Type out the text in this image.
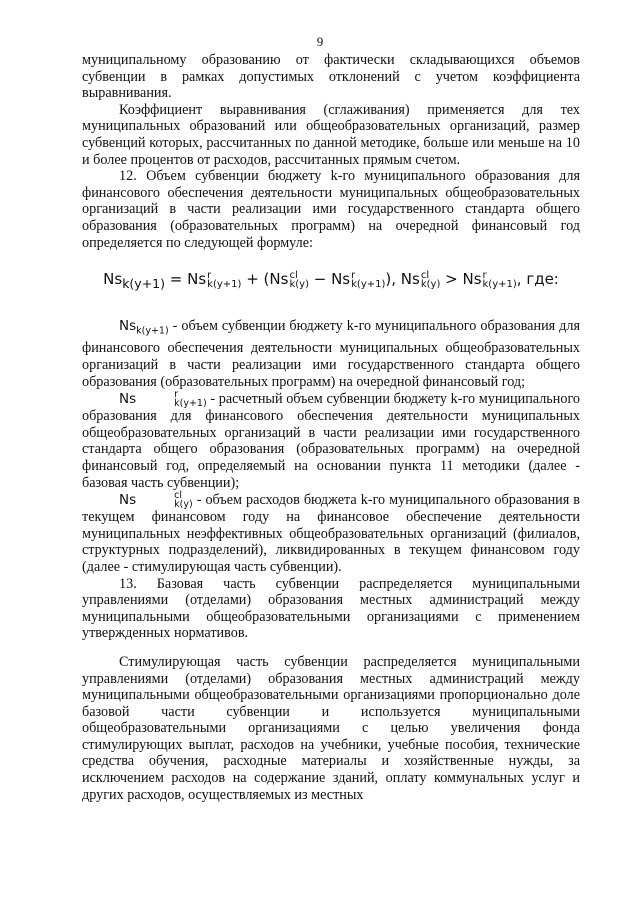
9

муниципальному образованию от фактически складывающихся объемов субвенции в рамках допустимых отклонений с учетом коэффициента выравнивания.

Коэффициент выравнивания (сглаживания) применяется для тех муниципальных образований или общеобразовательных организаций, размер субвенций которых, рассчитанных по данной методике, больше или меньше на 10 и более процентов от расходов, рассчитанных прямым счетом.

12. Объем субвенции бюджету k-го муниципального образования для финансового обеспечения деятельности муниципальных общеобразовательных организаций в части реализации ими государственного стандарта общего образования (образовательных программ) на очередной финансовый год определяется по следующей формуле:

$Ns_{k(y+1)} = Ns$ r
k(y+1) + (Ns cl
k(y) − Ns r
k(y+1) ), Ns cl
k(y) > Ns r
k(y+1) , где:

$Ns_{k(y+1)}$ - объем субвенции бюджету k-го муниципального образования для финансового обеспечения деятельности муниципальных общеобразовательных организаций в части реализации ими государственного стандарта общего образования (образовательных программ) на очередной финансовый год;

Ns	r
k(y+1) - расчетный объем субвенции бюджету k-го муниципального образования для финансового обеспечения деятельности муниципальных общеобразовательных организаций в части реализации ими государственного стандарта общего образования (образовательных программ) на очередной финансовый год, определяемый на основании пункта 11 методики (далее - базовая часть субвенции);

Ns	cl
k(y) - объем расходов бюджета k-го муниципального образования в текущем финансовом году на финансовое обеспечение деятельности муниципальных неэффективных общеобразовательных организаций (филиалов, структурных подразделений), ликвидированных в текущем финансовом году (далее - стимулирующая часть субвенции).

13. Базовая часть субвенции распределяется муниципальными управлениями (отделами) образования местных администраций между муниципальными общеобразовательными организациями с применением утвержденных нормативов.

Стимулирующая часть субвенции распределяется муниципальными управлениями (отделами) образования местных администраций между муниципальными общеобразовательными организациями пропорционально доле базовой части субвенции и используется муниципальными общеобразовательными организациями с целью увеличения фонда стимулирующих выплат, расходов на учебники, учебные пособия, технические средства обучения, расходные материалы и хозяйственные нужды, за исключением расходов на содержание зданий, оплату коммунальных услуг и других расходов, осуществляемых из местных
